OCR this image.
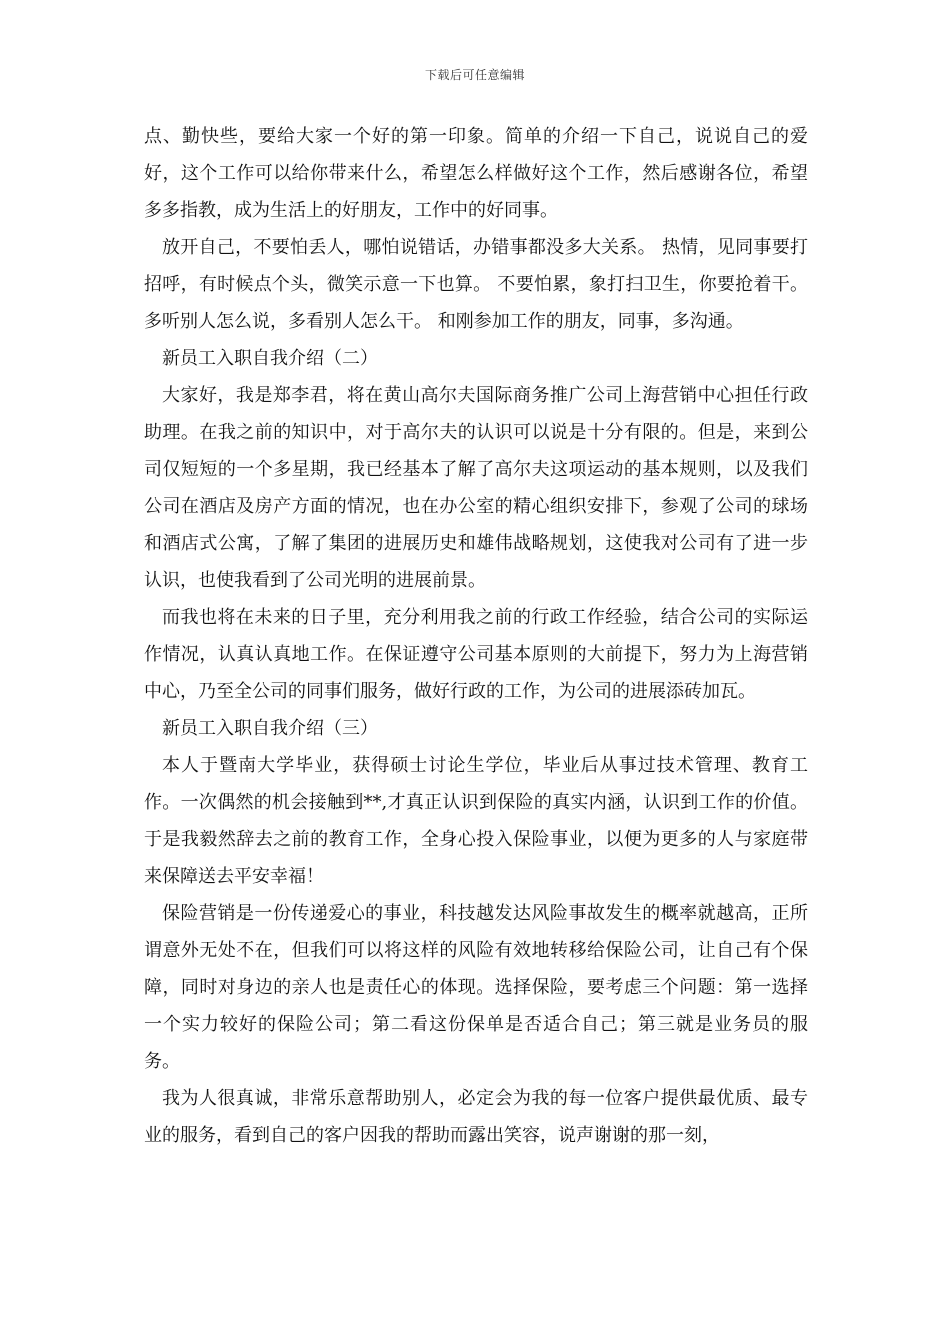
下载后可任意编辑

点、勤快些，要给大家一个好的第一印象。简单的介绍一下自己，说说自己的爱好，这个工作可以给你带来什么，希望怎么样做好这个工作，然后感谢各位，希望多多指教，成为生活上的好朋友，工作中的好同事。

放开自己，不要怕丢人，哪怕说错话，办错事都没多大关系。 热情，见同事要打招呼，有时候点个头，微笑示意一下也算。 不要怕累，象打扫卫生，你要抢着干。 多听别人怎么说，多看别人怎么干。 和刚参加工作的朋友，同事，多沟通。

新员工入职自我介绍（二）

大家好，我是郑李君，将在黄山高尔夫国际商务推广公司上海营销中心担任行政助理。在我之前的知识中，对于高尔夫的认识可以说是十分有限的。但是，来到公司仅短短的一个多星期，我已经基本了解了高尔夫这项运动的基本规则，以及我们公司在酒店及房产方面的情况，也在办公室的精心组织安排下，参观了公司的球场和酒店式公寓，了解了集团的进展历史和雄伟战略规划，这使我对公司有了进一步认识，也使我看到了公司光明的进展前景。

而我也将在未来的日子里，充分利用我之前的行政工作经验，结合公司的实际运作情况，认真认真地工作。在保证遵守公司基本原则的大前提下，努力为上海营销中心，乃至全公司的同事们服务，做好行政的工作，为公司的进展添砖加瓦。

新员工入职自我介绍（三）

本人于暨南大学毕业，获得硕士讨论生学位，毕业后从事过技术管理、教育工作。一次偶然的机会接触到**,才真正认识到保险的真实内涵，认识到工作的价值。于是我毅然辞去之前的教育工作，全身心投入保险事业，以便为更多的人与家庭带来保障送去平安幸福！

保险营销是一份传递爱心的事业，科技越发达风险事故发生的概率就越高，正所谓意外无处不在，但我们可以将这样的风险有效地转移给保险公司，让自己有个保障，同时对身边的亲人也是责任心的体现。选择保险，要考虑三个问题：第一选择一个实力较好的保险公司；第二看这份保单是否适合自己；第三就是业务员的服务。

我为人很真诚，非常乐意帮助别人，必定会为我的每一位客户提供最优质、最专业的服务，看到自己的客户因我的帮助而露出笑容，说声谢谢的那一刻，
